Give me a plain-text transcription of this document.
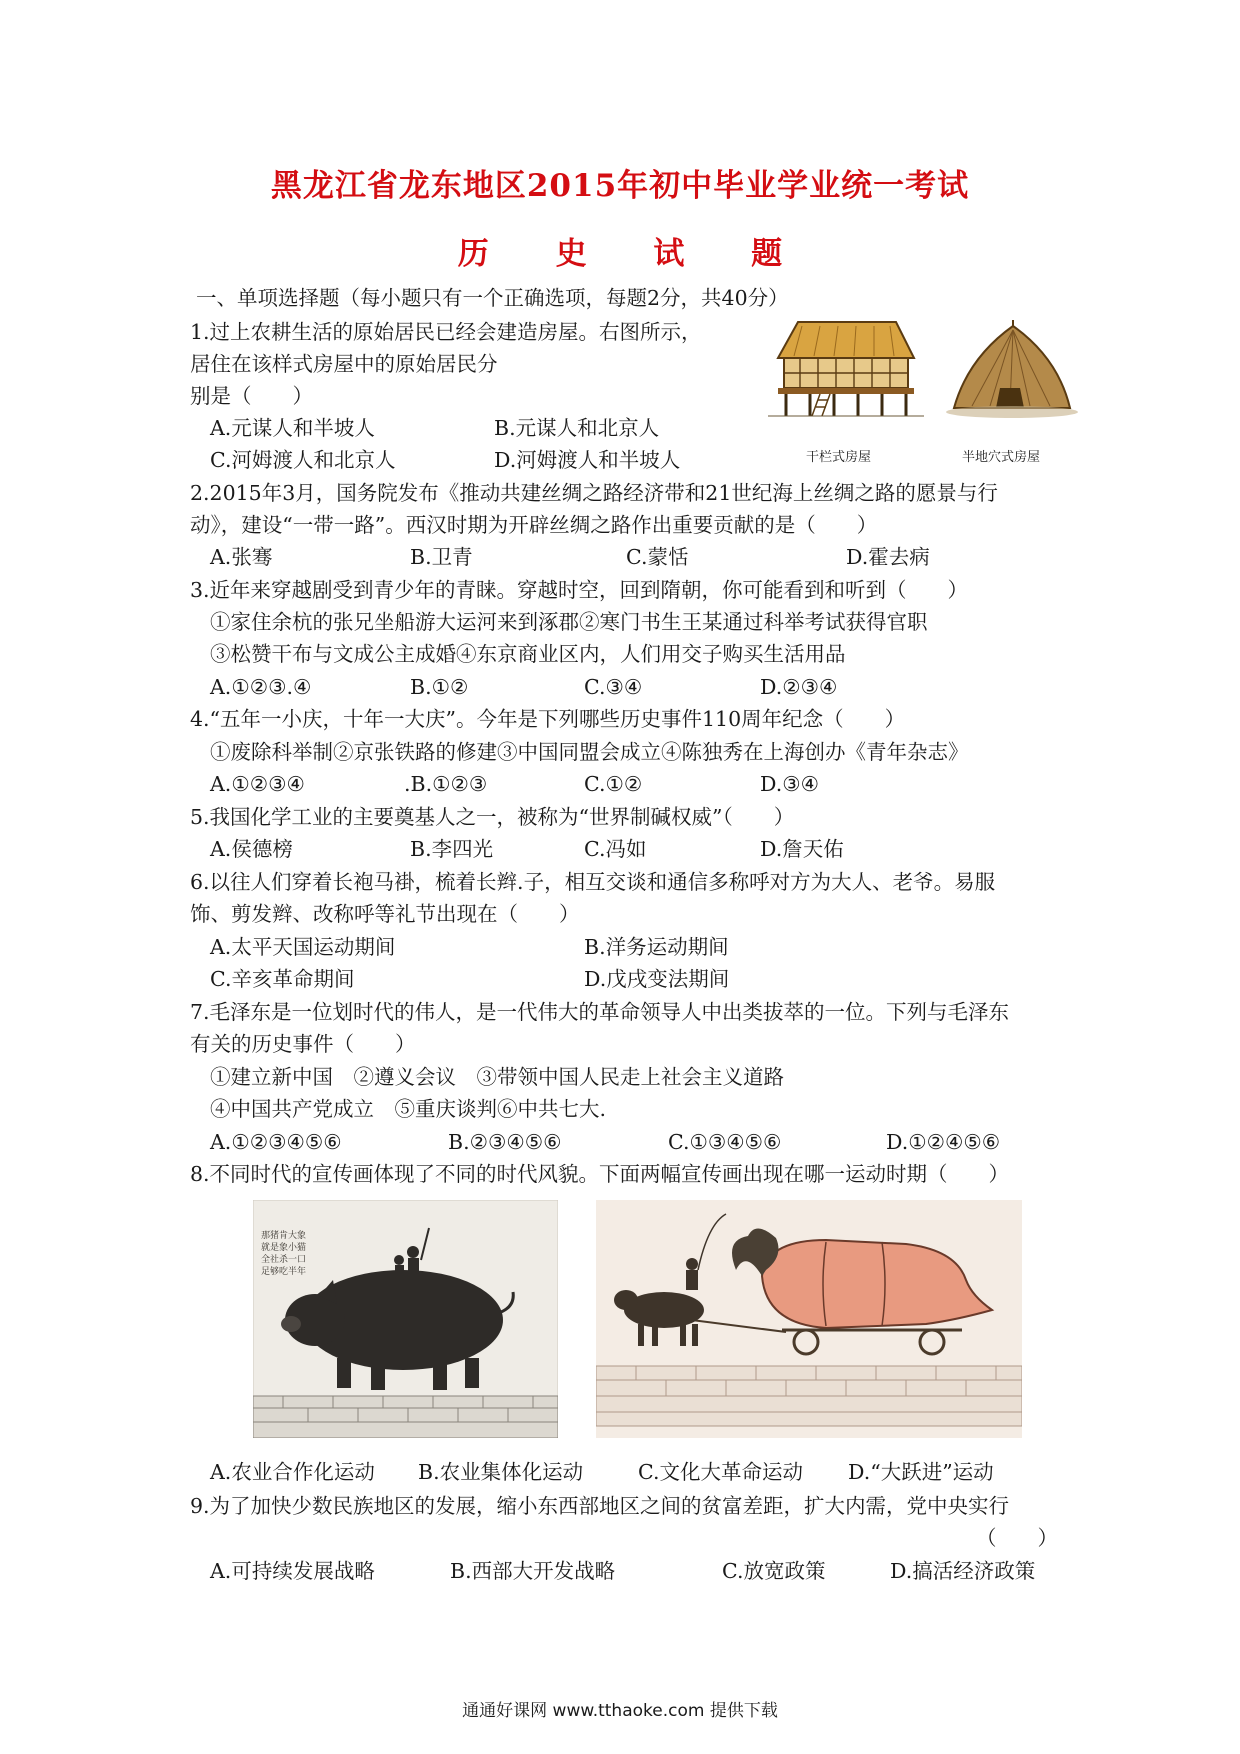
黑龙江省龙东地区2015年初中毕业学业统一考试
历 史 试 题
一、单项选择题（每小题只有一个正确选项，每题2分，共40分）
1.过上农耕生活的原始居民已经会建造房屋。右图所示，
居住在该样式房屋中的原始居民分
别是（　　）
A.元谋人和半坡人	B.元谋人和北京人
C.河姆渡人和北京人	D.河姆渡人和半坡人	干栏式房屋	半地穴式房屋
2.2015年3月，国务院发布《推动共建丝绸之路经济带和21世纪海上丝绸之路的愿景与行
动》，建设“一带一路”。西汉时期为开辟丝绸之路作出重要贡献的是（　　）
A.张骞	B.卫青	C.蒙恬	D.霍去病
3.近年来穿越剧受到青少年的青睐。穿越时空，回到隋朝，你可能看到和听到（　　）
①家住余杭的张兄坐船游大运河来到涿郡②寒门书生王某通过科举考试获得官职
③松赞干布与文成公主成婚④东京商业区内，人们用交子购买生活用品
A.①②③.④	B.①②	C.③④	D.②③④
4.“五年一小庆，十年一大庆”。今年是下列哪些历史事件110周年纪念（　　）
①废除科举制②京张铁路的修建③中国同盟会成立④陈独秀在上海创办《青年杂志》
A.①②③④	.B.①②③	C.①②	D.③④
5.我国化学工业的主要奠基人之一，被称为“世界制碱权威”（　　）
A.侯德榜	B.李四光	C.冯如	D.詹天佑
6.以往人们穿着长袍马褂，梳着长辫.子，相互交谈和通信多称呼对方为大人、老爷。易服
饰、剪发辫、改称呼等礼节出现在（　　）
A.太平天国运动期间	B.洋务运动期间
C.辛亥革命期间	D.戊戌变法期间
7.毛泽东是一位划时代的伟人，是一代伟大的革命领导人中出类拔萃的一位。下列与毛泽东
有关的历史事件（　　）
①建立新中国　②遵义会议　③带领中国人民走上社会主义道路
④中国共产党成立　⑤重庆谈判⑥中共七大.
A.①②③④⑤⑥	B.②③④⑤⑥	C.①③④⑤⑥	D.①②④⑤⑥
8.不同时代的宣传画体现了不同的时代风貌。下面两幅宣传画出现在哪一运动时期（　　）
那猪肯大象
就是象小猫
全社杀一口
足够吃半年
A.农业合作化运动 B.农业集体化运动	C.文化大革命运动 D.“大跃进”运动
9.为了加快少数民族地区的发展，缩小东西部地区之间的贫富差距，扩大内需，党中央实行
（　　）
A.可持续发展战略	B.西部大开发战略	C.放宽政策	D.搞活经济政策
通通好课网 www.tthaoke.com 提供下载
